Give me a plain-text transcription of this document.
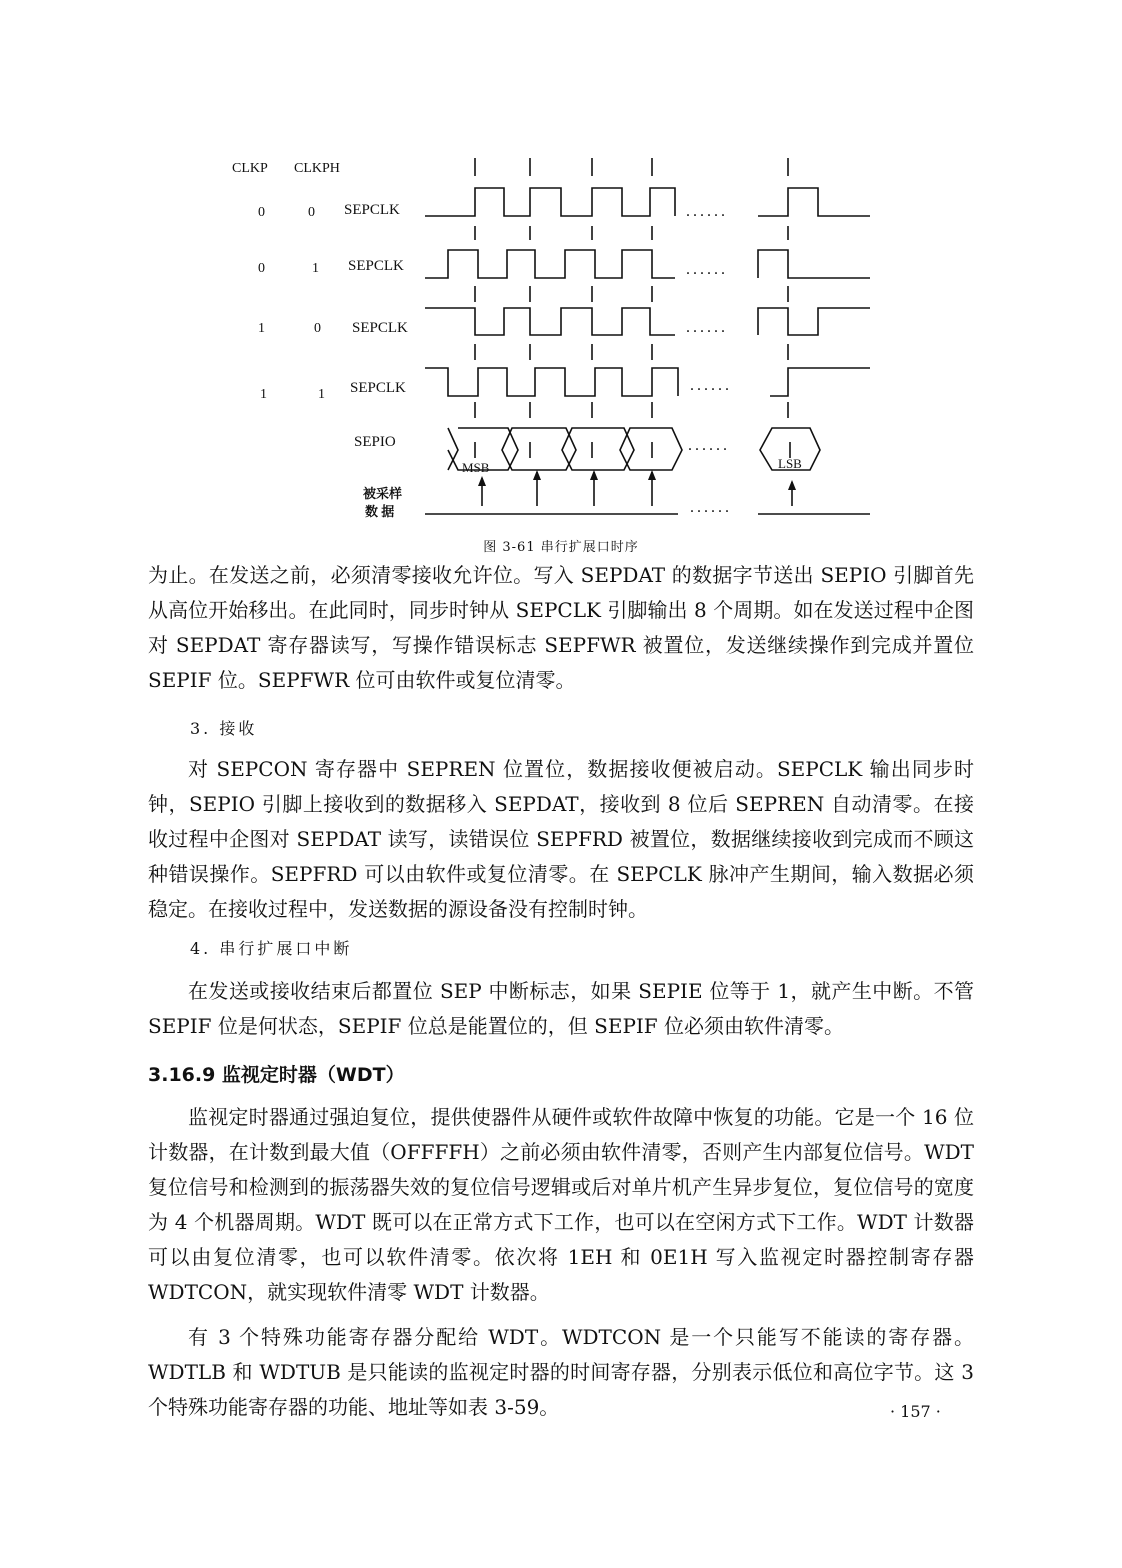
CLKP CLKPH
0	0 SEPCLK
0	1 SEPCLK
1	0 SEPCLK
1	1 SEPCLK
SEPIO
MSB	LSB
被采样
数 据
......
......
......
......
......
......
图 3-61 串行扩展口时序

为止。在发送之前，必须清零接收允许位。写入 SEPDAT 的数据字节送出 SEPIO 引脚首先从高位开始移出。在此同时，同步时钟从 SEPCLK 引脚输出 8 个周期。如在发送过程中企图对 SEPDAT 寄存器读写，写操作错误标志 SEPFWR 被置位，发送继续操作到完成并置位 SEPIF 位。SEPFWR 位可由软件或复位清零。

3. 接收

对 SEPCON 寄存器中 SEPREN 位置位，数据接收便被启动。SEPCLK 输出同步时钟，SEPIO 引脚上接收到的数据移入 SEPDAT，接收到 8 位后 SEPREN 自动清零。在接收过程中企图对 SEPDAT 读写，读错误位 SEPFRD 被置位，数据继续接收到完成而不顾这种错误操作。SEPFRD 可以由软件或复位清零。在 SEPCLK 脉冲产生期间，输入数据必须稳定。在接收过程中，发送数据的源设备没有控制时钟。

4. 串行扩展口中断

在发送或接收结束后都置位 SEP 中断标志，如果 SEPIE 位等于 1，就产生中断。不管 SEPIF 位是何状态，SEPIF 位总是能置位的，但 SEPIF 位必须由软件清零。

3.16.9 监视定时器（WDT）

监视定时器通过强迫复位，提供使器件从硬件或软件故障中恢复的功能。它是一个 16 位计数器，在计数到最大值（OFFFFH）之前必须由软件清零，否则产生内部复位信号。WDT 复位信号和检测到的振荡器失效的复位信号逻辑或后对单片机产生异步复位，复位信号的宽度为 4 个机器周期。WDT 既可以在正常方式下工作，也可以在空闲方式下工作。WDT 计数器可以由复位清零，也可以软件清零。依次将 1EH 和 0E1H 写入监视定时器控制寄存器 WDTCON，就实现软件清零 WDT 计数器。

有 3 个特殊功能寄存器分配给 WDT。WDTCON 是一个只能写不能读的寄存器。WDTLB 和 WDTUB 是只能读的监视定时器的时间寄存器，分别表示低位和高位字节。这 3 个特殊功能寄存器的功能、地址等如表 3-59。	· 157 ·
